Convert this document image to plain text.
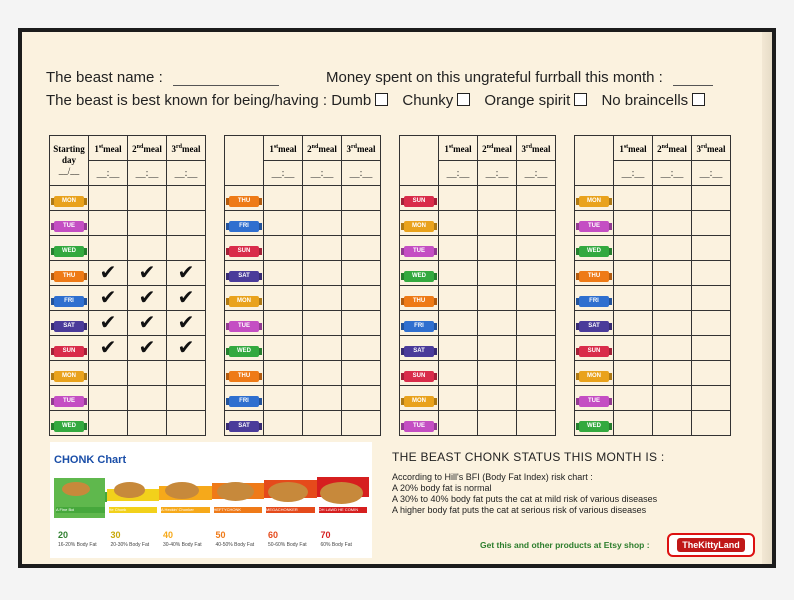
The beast name :	Money spent on this ungrateful furrball this month :
The beast is best known for being/having : Dumb Chunky Orange spirit No braincells
Starting day
__/__	1stmeal	2ndmeal	3rdmeal
	__:__	__:__	__:__
MON			
TUE			
WED			
THU	✔	✔	✔
FRI	✔	✔	✔
SAT	✔	✔	✔
SUN	✔	✔	✔
MON			
TUE			
WED			
	1stmeal	2ndmeal	3rdmeal
	__:__	__:__	__:__
THU			
FRI			
SUN			
SAT			
MON			
TUE			
WED			
THU			
FRI			
SAT			
	1stmeal	2ndmeal	3rdmeal
	__:__	__:__	__:__
SUN			
MON			
TUE			
WED			
THU			
FRI			
SAT			
SUN			
MON			
TUE			
	1stmeal	2ndmeal	3rdmeal
	__:__	__:__	__:__
MON			
TUE			
WED			
THU			
FRI			
SAT			
SUN			
MON			
TUE			
WED			
CHONK Chart
A Fine Boi
20
16-20% Body Fat
He Chonk
30
20-30% Body Fat
A Heckin' Chonker
40
30-40% Body Fat
HEFTYCHONK
50
40-50% Body Fat
MEGACHONKER
60
50-60% Body Fat
OH LAWD HE COMIN
70
60% Body Fat
THE BEAST CHONK STATUS THIS MONTH IS :
According to Hill's BFI (Body Fat Index) risk chart :
A 20% body fat is normal
A 30% to 40% body fat puts the cat at mild risk of various diseases
A higher body fat puts the cat at serious risk of various diseases
Get this and other products at Etsy shop :	TheKittyLand
